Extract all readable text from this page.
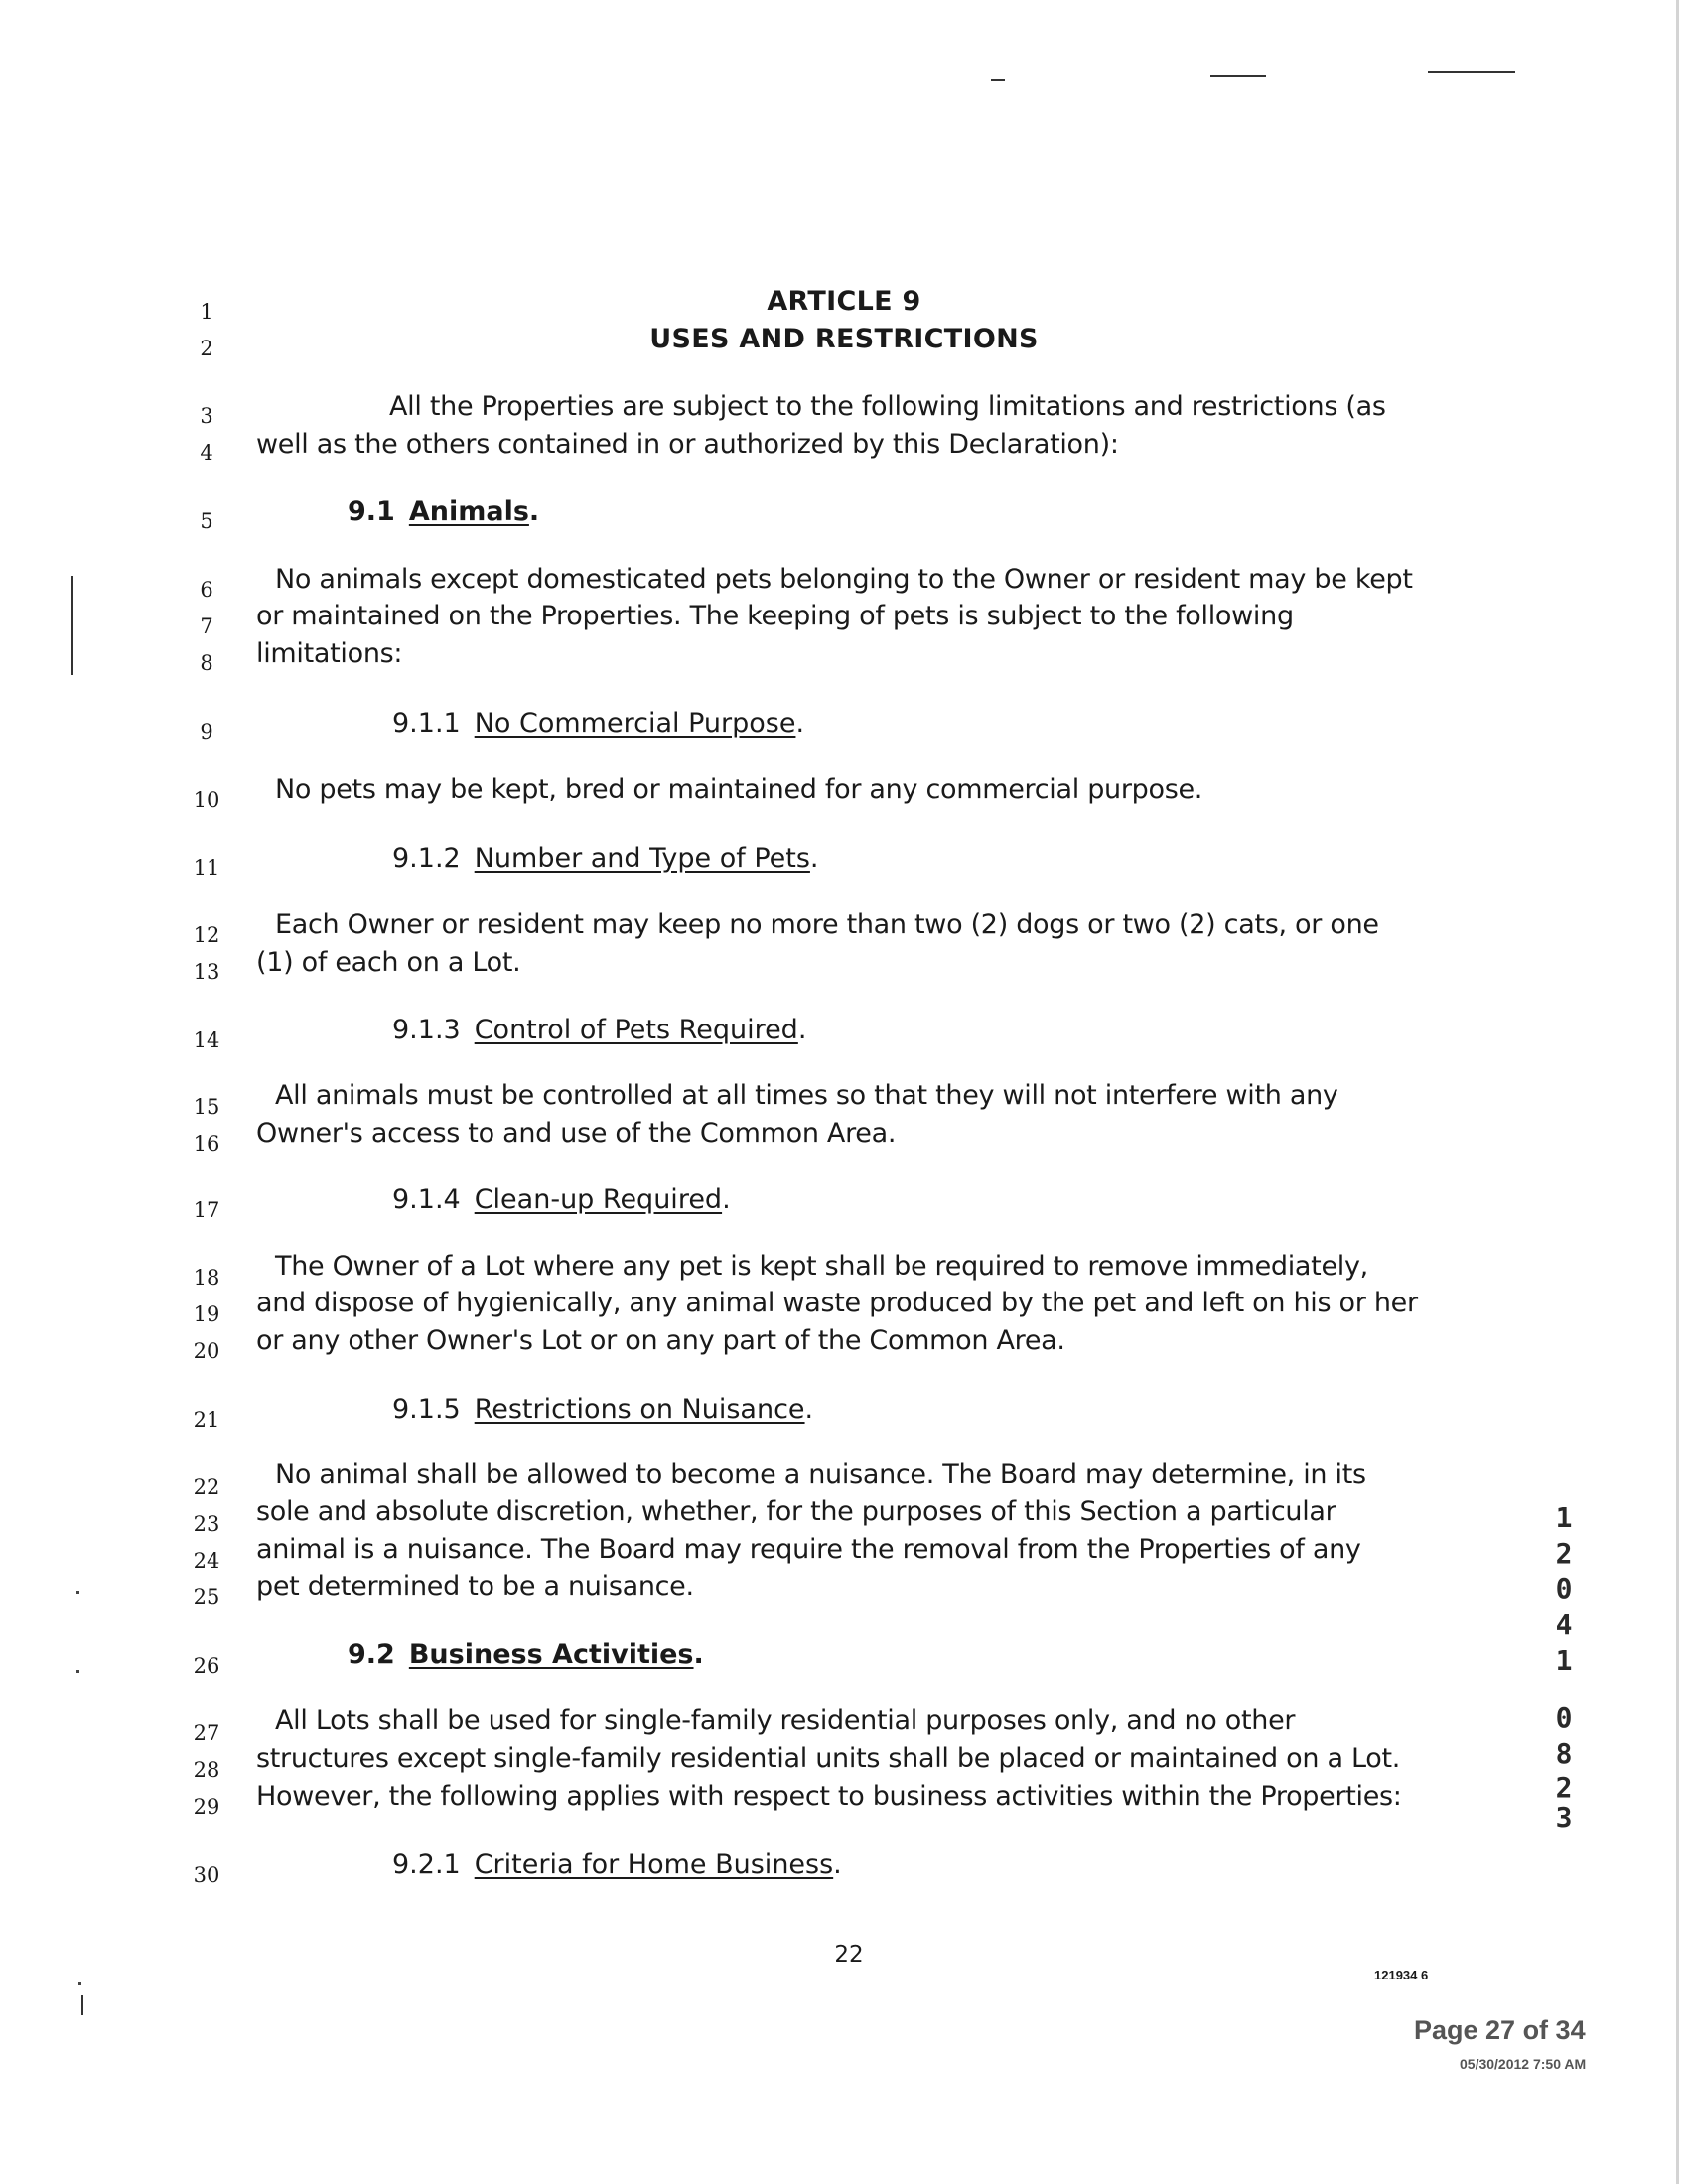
1
2
3
4
5
6
7
8
9
10
11
12
13
14
15
16
17
18
19
20
21
22
23
24
25
26
27
28
29
30
ARTICLE 9
USES AND RESTRICTIONS
All the Properties are subject to the following limitations and restrictions (as
well as the others contained in or authorized by this Declaration):
9.1 Animals.
No animals except domesticated pets belonging to the Owner or resident may be kept
or maintained on the Properties. The keeping of pets is subject to the following
limitations:
9.1.1 No Commercial Purpose.
No pets may be kept, bred or maintained for any commercial purpose.
9.1.2 Number and Type of Pets.
Each Owner or resident may keep no more than two (2) dogs or two (2) cats, or one
(1) of each on a Lot.
9.1.3 Control of Pets Required.
All animals must be controlled at all times so that they will not interfere with any
Owner's access to and use of the Common Area.
9.1.4 Clean-up Required.
The Owner of a Lot where any pet is kept shall be required to remove immediately,
and dispose of hygienically, any animal waste produced by the pet and left on his or her
or any other Owner's Lot or on any part of the Common Area.
9.1.5 Restrictions on Nuisance.
No animal shall be allowed to become a nuisance. The Board may determine, in its
sole and absolute discretion, whether, for the purposes of this Section a particular
animal is a nuisance. The Board may require the removal from the Properties of any
pet determined to be a nuisance.
9.2 Business Activities.
All Lots shall be used for single-family residential purposes only, and no other
structures except single-family residential units shall be placed or maintained on a Lot.
However, the following applies with respect to business activities within the Properties:
9.2.1 Criteria for Home Business.
1
2
0
4
1
0
8
2
3
22
121934 6
Page 27 of 34
05/30/2012 7:50 AM
